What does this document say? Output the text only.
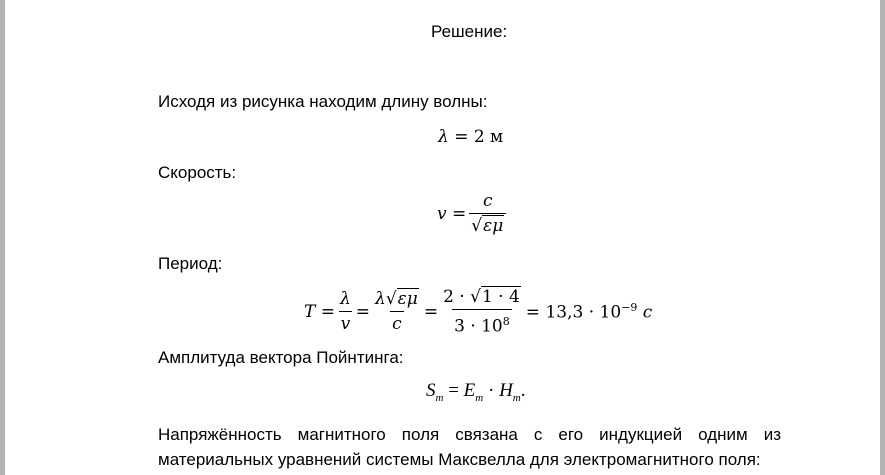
Решение:
Исходя из рисунка находим длину волны:
λ = 2 м
Скорость:
$v = \frac{c}{√\varepsilon\mu}$
Период:
$T = \frac{\lambda}{v} = \frac{\lambda√\varepsilon\mu}{c} = \frac{2 \cdot √1 \cdot 4}{3 \cdot 10^8} = 13,3 \cdot 10^{-9}$ c
Амплитуда вектора Пойнтинга:
$S_m = E_m \cdot H_m$.
Напряжённость магнитного поля связана с его индукцией одним из
материальных уравнений системы Максвелла для электромагнитного поля:
